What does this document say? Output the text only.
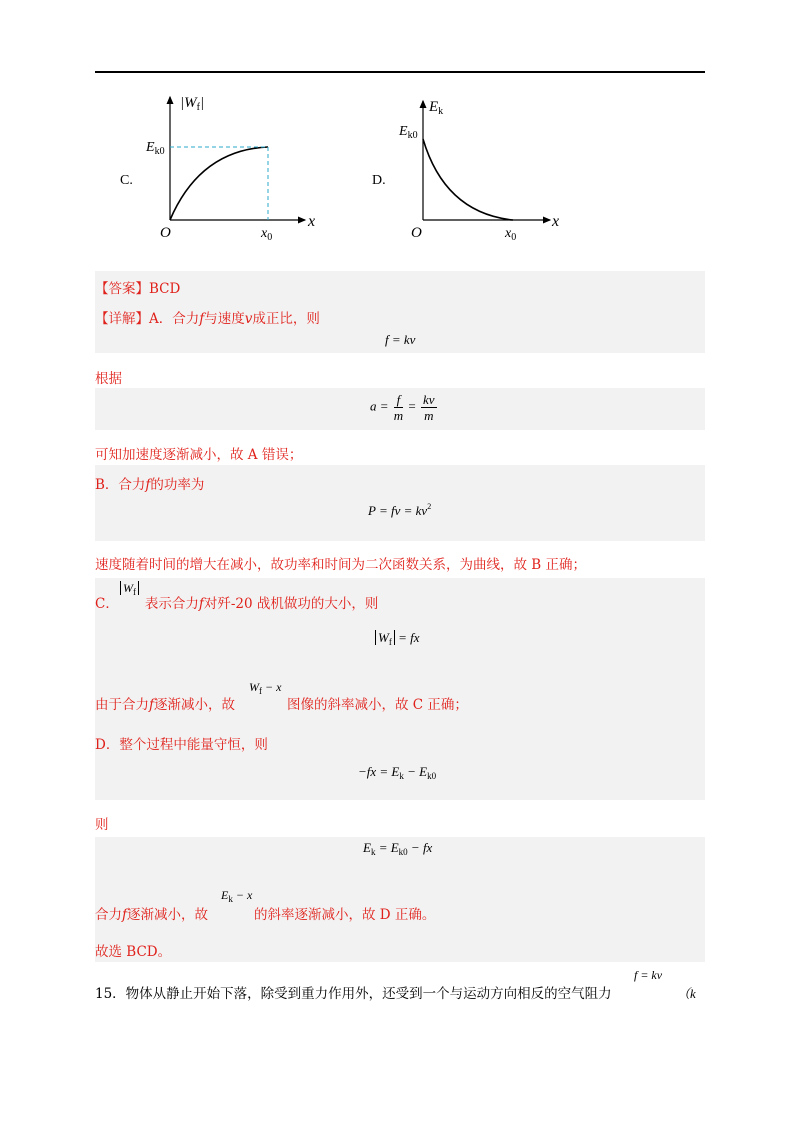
C.
$|W_f|$
$E_{k0}$
O	$x_0$
x
D.
$E_k$
$E_{k0}$
O	$x_0$
x
【答案】BCD
【详解】A．合力f与速度v成正比，则
f = kv
根据
$a = \frac{f}{m} = \frac{kv}{m}$
可知加速度逐渐减小，故 A 错误；
B．合力f的功率为
P = fv = $kv^2$
速度随着时间的增大在减小，故功率和时间为二次函数关系，为曲线，故 B 正确；
C． 表示合力f对歼-20 战机做功的大小，则
$W_f$
$W_f$ = fx
由于合力f逐渐减小，故	图像的斜率减小，故 C 正确；
$W_f - x$
D．整个过程中能量守恒，则
$-fx = E_k - E_{k0}$
则
$E_k = E_{k0}$ − fx
合力f逐渐减小，故	的斜率逐渐减小，故 D 正确。
$E_k - x$
故选 BCD。
15．物体从静止开始下落，除受到重力作用外，还受到一个与运动方向相反的空气阻力
f = kv
（k
